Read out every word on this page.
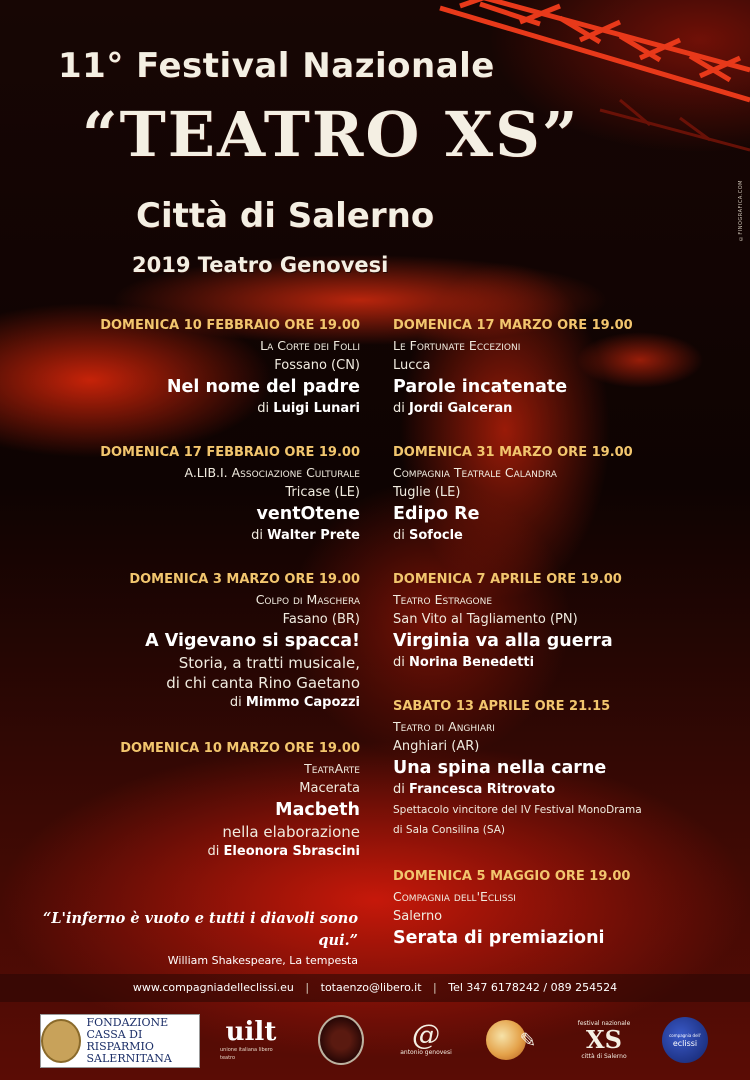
©FINOGRAFICA.COM
11° Festival Nazionale
“TEATRO XS”
Città di Salerno
2019 Teatro Genovesi
DOMENICA 10 FEBBRAIO ORE 19.00
La Corte dei Folli
Fossano (CN)
Nel nome del padre
di Luigi Lunari
DOMENICA 17 FEBBRAIO ORE 19.00
A.LIB.I. Associazione Culturale
Tricase (LE)
ventOtene
di Walter Prete
DOMENICA 3 MARZO ORE 19.00
Colpo di Maschera
Fasano (BR)
A Vigevano si spacca!
Storia, a tratti musicale,
di chi canta Rino Gaetano
di Mimmo Capozzi
DOMENICA 10 MARZO ORE 19.00
TeatrArte
Macerata
Macbeth
nella elaborazione
di Eleonora Sbrascini
DOMENICA 17 MARZO ORE 19.00
Le Fortunate Eccezioni
Lucca
Parole incatenate
di Jordi Galceran
DOMENICA 31 MARZO ORE 19.00
Compagnia Teatrale Calandra
Tuglie (LE)
Edipo Re
di Sofocle
DOMENICA 7 APRILE ORE 19.00
Teatro Estragone
San Vito al Tagliamento (PN)
Virginia va alla guerra
di Norina Benedetti
SABATO 13 APRILE ORE 21.15
Teatro di Anghiari
Anghiari (AR)
Una spina nella carne
di Francesca Ritrovato
Spettacolo vincitore del IV Festival MonoDrama
di Sala Consilina (SA)
DOMENICA 5 MAGGIO ORE 19.00
Compagnia dell'Eclissi
Salerno
Serata di premiazioni
“L'inferno è vuoto e tutti i diavoli sono qui.”
William Shakespeare, La tempesta
www.compagniadelleclissi.eu | totaenzo@libero.it | Tel 347 6178242 / 089 254524
FONDAZIONE
CASSA DI RISPARMIO
SALERNITANA
uilt
unione italiana libero teatro
@
antonio genovesi
✎
festival nazionale
XS
città di Salerno
compagnia dell'
eclissi
